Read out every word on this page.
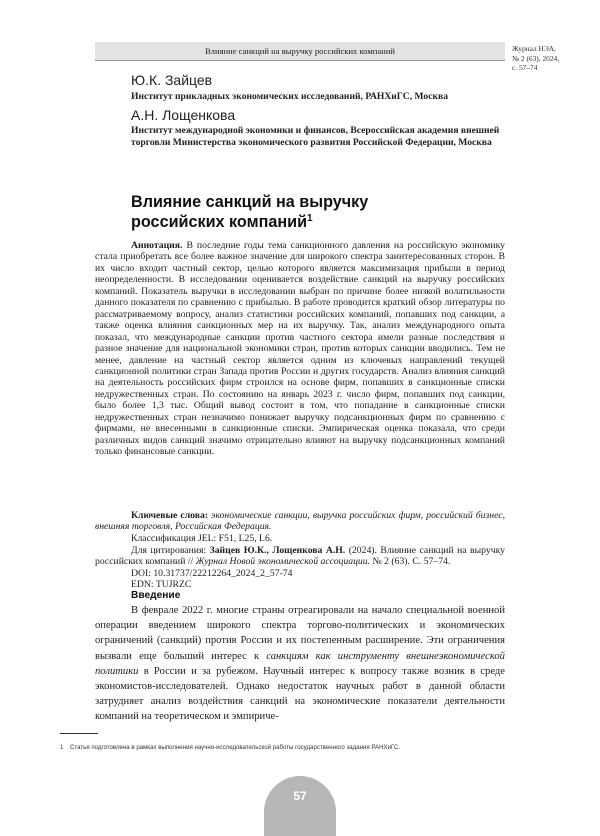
Влияние санкций на выручку российских компаний	Журнал НЭА,
№ 2 (63), 2024,
с. 57–74
Ю.К. Зайцев
Институт прикладных экономических исследований, РАНХиГС, Москва
А.Н. Лощенкова
Институт международной экономики и финансов, Всероссийская академия внешней торговли Министерства экономического развития Российской Федерации, Москва
Влияние санкций на выручку
российских компаний$^1$

Аннотация. В последние годы тема санкционного давления на российскую экономику стала приобретать все более важное значение для широкого спектра заинтересованных сторон. В их число входит частный сектор, целью которого является максимизация прибыли в период неопределенности. В исследовании оценивается воздействие санкций на выручку российских компаний. Показатель выручки в исследовании выбран по причине более низкой волатильности данного показателя по сравнению с прибылью. В работе проводится краткий обзор литературы по рассматриваемому вопросу, анализ статистики российских компаний, попавших под санкции, а также оценка влияния санкционных мер на их выручку. Так, анализ международного опыта показал, что международные санкции против частного сектора имели разные последствия и разное значение для национальной экономики стран, против которых санкции вводились. Тем не менее, давление на частный сектор является одним из ключевых направлений текущей санкционной политики стран Запада против России и других государств. Анализ влияния санкций на деятельность российских фирм строился на основе фирм, попавших в санкционные списки недружественных стран. По состоянию на январь 2023 г. число фирм, попавших под санкции, было более 1,3 тыс. Общий вывод состоит в том, что попадание в санкционные списки недружественных стран незначимо понижает выручку подсанкционных фирм по сравнению с фирмами, не внесенными в санкционные списки. Эмпирическая оценка показала, что среди различных видов санкций значимо отрицательно влияют на выручку подсанкционных компаний только финансовые санкции.

Ключевые слова: экономические санкции, выручка российских фирм, российский бизнес, внешняя торговля, Российская Федерация.

Классификация JEL: F51, L25, L6.

Для цитирования: Зайцев Ю.К., Лощенкова А.Н. (2024). Влияние санкций на выручку российских компаний // Журнал Новой экономической ассоциации. № 2 (63). С. 57–74.

DOI: 10.31737/22212264_2024_2_57-74

EDN: TUJRZC

Введение

В феврале 2022 г. многие страны отреагировали на начало специальной военной операции введением широкого спектра торгово-политических и экономических ограничений (санкций) против России и их постепенным расширение. Эти ограничения вызвали еще больший интерес к санкциям как инструменту внешнеэкономической политики в России и за рубежом. Научный интерес к вопросу также возник в среде экономистов-исследователей. Однако недостаток научных работ в данной области затрудняет анализ воздействия санкций на экономические показатели деятельности компаний на теоретическом и эмпириче-

1 Статья подготовлена в рамках выполнения научно-исследовательской работы государственного задания РАНХиГС.
57
